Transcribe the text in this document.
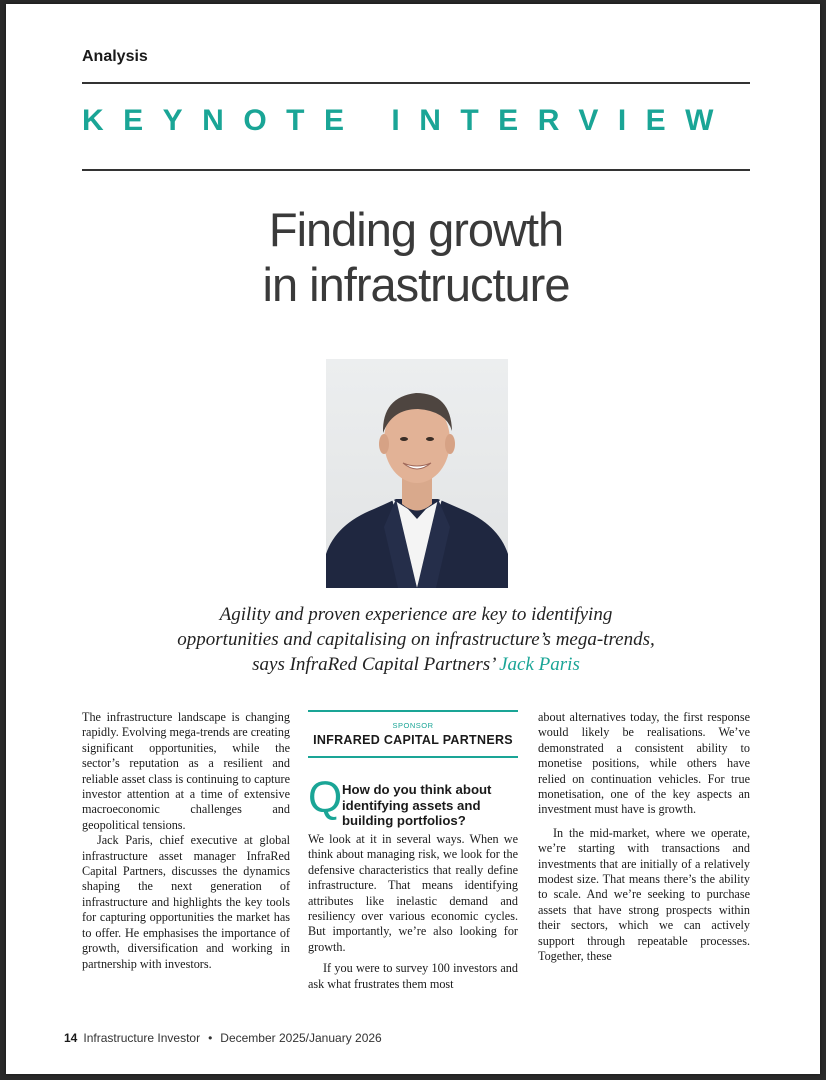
Analysis
KEYNOTE INTERVIEW
Finding growth
in infrastructure
Agility and proven experience are key to identifying
opportunities and capitalising on infrastructure’s mega-trends,
says InfraRed Capital Partners’ Jack Paris

The infrastructure landscape is changing rapidly. Evolving mega-trends are creating significant opportunities, while the sector’s reputation as a resilient and reliable asset class is continuing to capture investor attention at a time of extensive macroeconomic challenges and geopolitical tensions.

Jack Paris, chief executive at global infrastructure asset manager InfraRed Capital Partners, discusses the dynamics shaping the next generation of infrastructure and highlights the key tools for capturing opportunities the market has to offer. He emphasises the importance of growth, diversification and working in partnership with investors.

SPONSOR
INFRARED CAPITAL PARTNERS
Q How do you think about identifying assets and building portfolios?

We look at it in several ways. When we think about managing risk, we look for the defensive characteristics that really define infrastructure. That means identifying attributes like inelastic demand and resiliency over various economic cycles. But importantly, we’re also looking for growth.

If you were to survey 100 investors and ask what frustrates them most

about alternatives today, the first response would likely be realisations. We’ve demonstrated a consistent ability to monetise positions, while others have relied on continuation vehicles. For true monetisation, one of the key aspects an investment must have is growth.

In the mid-market, where we operate, we’re starting with transactions and investments that are initially of a relatively modest size. That means there’s the ability to scale. And we’re seeking to purchase assets that have strong prospects within their sectors, which we can actively support through repeatable processes. Together, these

14 Infrastructure Investor • December 2025/January 2026
